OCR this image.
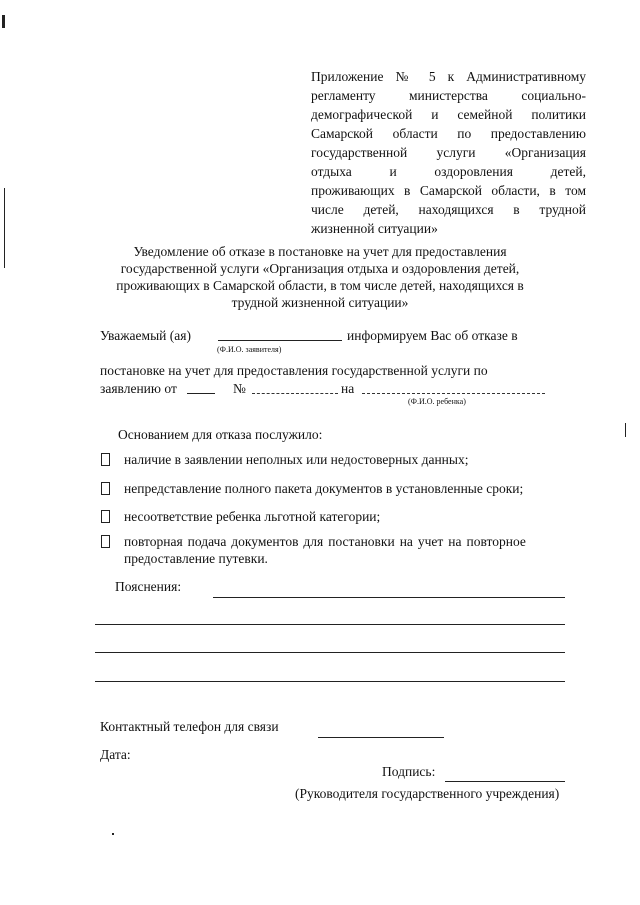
Приложение № 5 к Административному
регламенту министерства социально-
демографической и семейной политики
Самарской области по предоставлению
государственной услуги «Организация
отдыха и оздоровления детей,
проживающих в Самарской области, в том
числе детей, находящихся в трудной
жизненной ситуации»
Уведомление об отказе в постановке на учет для предоставления
государственной услуги «Организация отдыха и оздоровления детей,
проживающих в Самарской области, в том числе детей, находящихся в
трудной жизненной ситуации»
Уважаемый (ая)
(Ф.И.О. заявителя)
информируем Вас об отказе в
постановке на учет для предоставления государственной услуги по
заявлению от	№	на
(Ф.И.О. ребенка)
Основанием для отказа послужило:
наличие в заявлении неполных или недостоверных данных;
непредставление полного пакета документов в установленные сроки;
несоответствие ребенка льготной категории;
повторная подача документов для постановки на учет на повторное
предоставление путевки.
Пояснения:
Контактный телефон для связи
Дата:
Подпись:
(Руководителя государственного учреждения)
